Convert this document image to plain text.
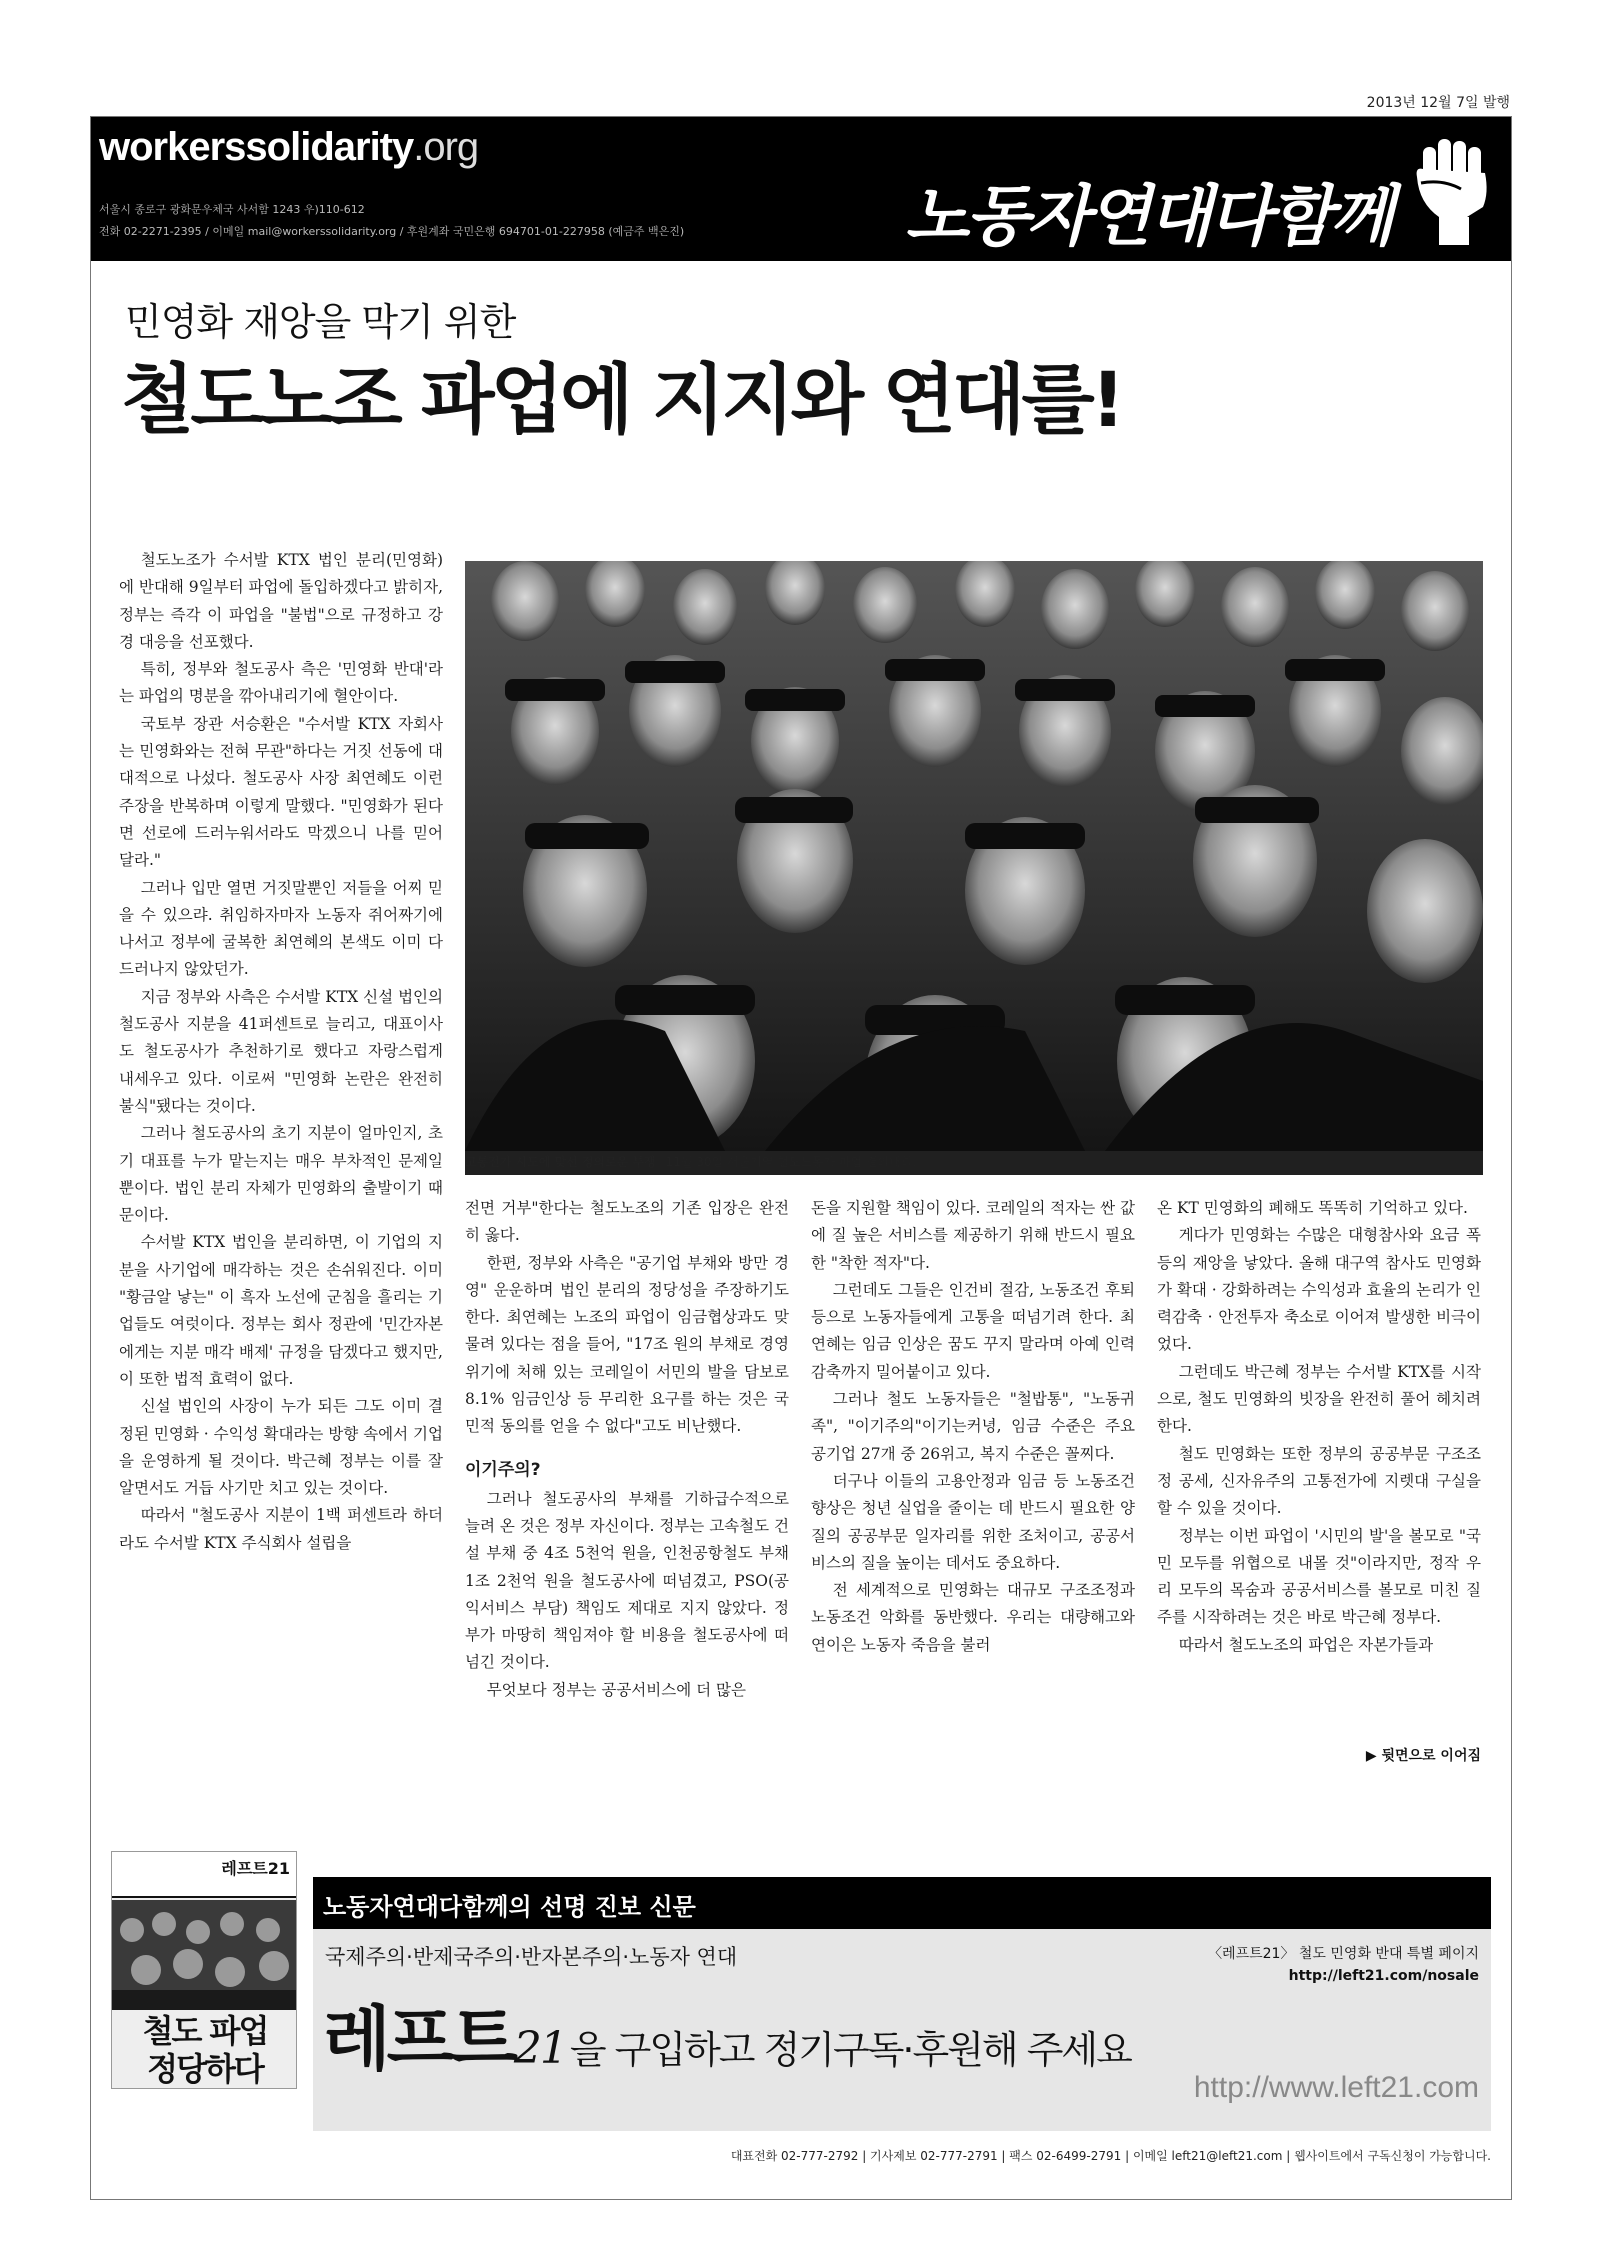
2013년 12월 7일 발행
workerssolidarity.org
서울시 종로구 광화문우체국 사서함 1243 우)110-612
전화 02-2271-2395 / 이메일 mail@workerssolidarity.org / 후원계좌 국민은행 694701-01-227958 (예금주 백은진)	노동자연대다함께
민영화 재앙을 막기 위한
철도노조 파업에 지지와 연대를!

철도노조가 수서발 KTX 법인 분리(민영화)에 반대해 9일부터 파업에 돌입하겠다고 밝히자, 정부는 즉각 이 파업을 "불법"으로 규정하고 강경 대응을 선포했다.

특히, 정부와 철도공사 측은 '민영화 반대'라는 파업의 명분을 깎아내리기에 혈안이다.

국토부 장관 서승환은 "수서발 KTX 자회사는 민영화와는 전혀 무관"하다는 거짓 선동에 대대적으로 나섰다. 철도공사 사장 최연혜도 이런 주장을 반복하며 이렇게 말했다. "민영화가 된다면 선로에 드러누워서라도 막겠으니 나를 믿어 달라."

그러나 입만 열면 거짓말뿐인 저들을 어찌 믿을 수 있으랴. 취임하자마자 노동자 쥐어짜기에 나서고 정부에 굴복한 최연혜의 본색도 이미 다 드러나지 않았던가.

지금 정부와 사측은 수서발 KTX 신설 법인의 철도공사 지분을 41퍼센트로 늘리고, 대표이사도 철도공사가 추천하기로 했다고 자랑스럽게 내세우고 있다. 이로써 "민영화 논란은 완전히 불식"됐다는 것이다.

그러나 철도공사의 초기 지분이 얼마인지, 초기 대표를 누가 맡는지는 매우 부차적인 문제일 뿐이다. 법인 분리 자체가 민영화의 출발이기 때문이다.

수서발 KTX 법인을 분리하면, 이 기업의 지분을 사기업에 매각하는 것은 손쉬워진다. 이미 "황금알 낳는" 이 흑자 노선에 군침을 흘리는 기업들도 여럿이다. 정부는 회사 정관에 '민간자본에게는 지분 매각 배제' 규정을 담겠다고 했지만, 이 또한 법적 효력이 없다.

신설 법인의 사장이 누가 되든 그도 이미 결정된 민영화 · 수익성 확대라는 방향 속에서 기업을 운영하게 될 것이다. 박근혜 정부는 이를 잘 알면서도 거듭 사기만 치고 있는 것이다.

따라서 "철도공사 지분이 1백 퍼센트라 하더라도 수서발 KTX 주식회사 설립을

고통전가 시도에 맞선 정의로운 투쟁 11월 30일 서울지역 철도노동자 파업 결의대회.

전면 거부"한다는 철도노조의 기존 입장은 완전히 옳다.

한편, 정부와 사측은 "공기업 부채와 방만 경영" 운운하며 법인 분리의 정당성을 주장하기도 한다. 최연혜는 노조의 파업이 임금협상과도 맞물려 있다는 점을 들어, "17조 원의 부채로 경영위기에 처해 있는 코레일이 서민의 발을 담보로 8.1% 임금인상 등 무리한 요구를 하는 것은 국민적 동의를 얻을 수 없다"고도 비난했다.

이기주의?

그러나 철도공사의 부채를 기하급수적으로 늘려 온 것은 정부 자신이다. 정부는 고속철도 건설 부채 중 4조 5천억 원을, 인천공항철도 부채 1조 2천억 원을 철도공사에 떠넘겼고, PSO(공익서비스 부담) 책임도 제대로 지지 않았다. 정부가 마땅히 책임져야 할 비용을 철도공사에 떠넘긴 것이다.

무엇보다 정부는 공공서비스에 더 많은

돈을 지원할 책임이 있다. 코레일의 적자는 싼 값에 질 높은 서비스를 제공하기 위해 반드시 필요한 "착한 적자"다.

그런데도 그들은 인건비 절감, 노동조건 후퇴 등으로 노동자들에게 고통을 떠넘기려 한다. 최연혜는 임금 인상은 꿈도 꾸지 말라며 아예 인력 감축까지 밀어붙이고 있다.

그러나 철도 노동자들은 "철밥통", "노동귀족", "이기주의"이기는커녕, 임금 수준은 주요 공기업 27개 중 26위고, 복지 수준은 꼴찌다.

더구나 이들의 고용안정과 임금 등 노동조건 향상은 청년 실업을 줄이는 데 반드시 필요한 양질의 공공부문 일자리를 위한 조처이고, 공공서비스의 질을 높이는 데서도 중요하다.

전 세계적으로 민영화는 대규모 구조조정과 노동조건 악화를 동반했다. 우리는 대량해고와 연이은 노동자 죽음을 불러

온 KT 민영화의 폐해도 똑똑히 기억하고 있다.

게다가 민영화는 수많은 대형참사와 요금 폭등의 재앙을 낳았다. 올해 대구역 참사도 민영화가 확대 · 강화하려는 수익성과 효율의 논리가 인력감축 · 안전투자 축소로 이어져 발생한 비극이었다.

그런데도 박근혜 정부는 수서발 KTX를 시작으로, 철도 민영화의 빗장을 완전히 풀어 헤치려 한다.

철도 민영화는 또한 정부의 공공부문 구조조정 공세, 신자유주의 고통전가에 지렛대 구실을 할 수 있을 것이다.

정부는 이번 파업이 '시민의 발'을 볼모로 "국민 모두를 위협으로 내몰 것"이라지만, 정작 우리 모두의 목숨과 공공서비스를 볼모로 미친 질주를 시작하려는 것은 바로 박근혜 정부다.

따라서 철도노조의 파업은 자본가들과

▶ 뒷면으로 이어짐
레프트21
철도 파업
정당하다
노동자연대다함께의 선명 진보 신문
국제주의·반제국주의·반자본주의·노동자 연대
레프트21 을 구입하고 정기구독·후원해 주세요
〈레프트21〉 철도 민영화 반대 특별 페이지
http://left21.com/nosale
http://www.left21.com
대표전화 02-777-2792 | 기사제보 02-777-2791 | 팩스 02-6499-2791 | 이메일 left21@left21.com | 웹사이트에서 구독신청이 가능합니다.
